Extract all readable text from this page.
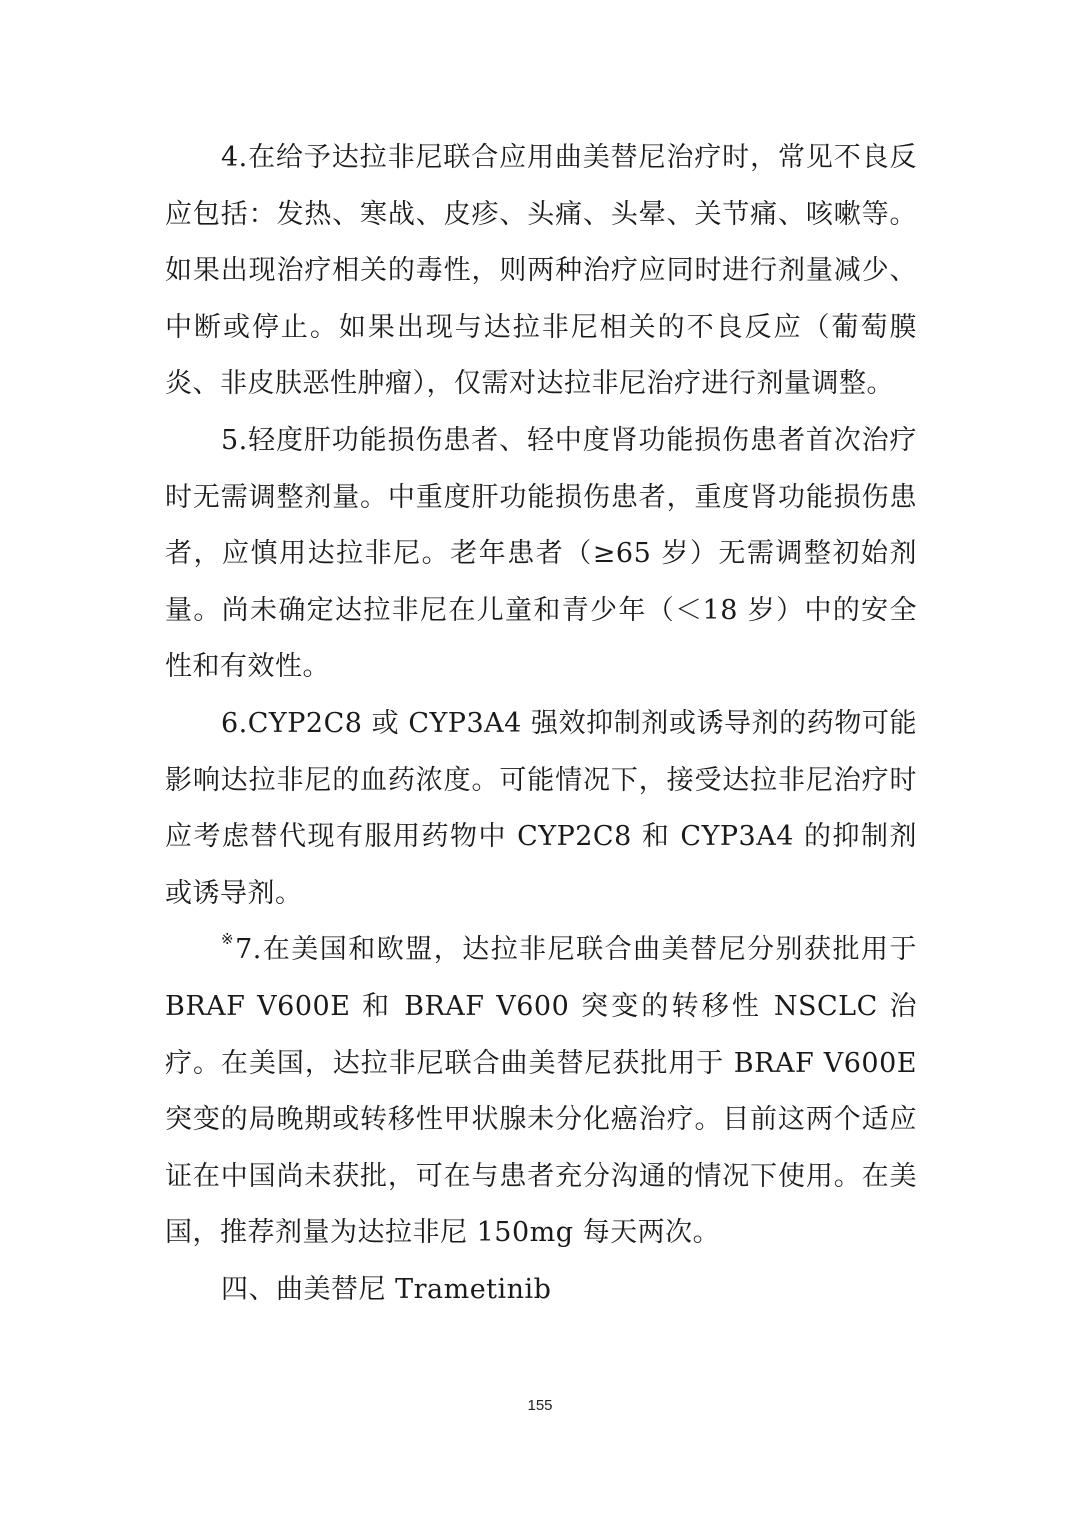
4.在给予达拉非尼联合应用曲美替尼治疗时，常见不良反应包括：发热、寒战、皮疹、头痛、头晕、关节痛、咳嗽等。如果出现治疗相关的毒性，则两种治疗应同时进行剂量减少、中断或停止。如果出现与达拉非尼相关的不良反应（葡萄膜炎、非皮肤恶性肿瘤），仅需对达拉非尼治疗进行剂量调整。

5.轻度肝功能损伤患者、轻中度肾功能损伤患者首次治疗时无需调整剂量。中重度肝功能损伤患者，重度肾功能损伤患者，应慎用达拉非尼。老年患者（≥65 岁）无需调整初始剂量。尚未确定达拉非尼在儿童和青少年（＜18 岁）中的安全性和有效性。

6.CYP2C8 或 CYP3A4 强效抑制剂或诱导剂的药物可能影响达拉非尼的血药浓度。可能情况下，接受达拉非尼治疗时应考虑替代现有服用药物中 CYP2C8 和 CYP3A4 的抑制剂或诱导剂。

※7.在美国和欧盟，达拉非尼联合曲美替尼分别获批用于 BRAF V600E 和 BRAF V600 突变的转移性 NSCLC 治疗。在美国，达拉非尼联合曲美替尼获批用于 BRAF V600E 突变的局晚期或转移性甲状腺未分化癌治疗。目前这两个适应证在中国尚未获批，可在与患者充分沟通的情况下使用。在美国，推荐剂量为达拉非尼 150mg 每天两次。

四、曲美替尼 Trametinib

155
